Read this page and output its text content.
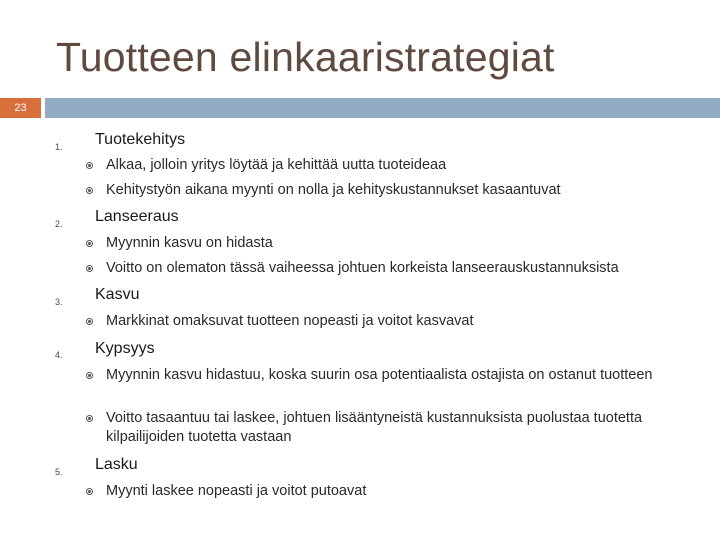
Tuotteen elinkaaristrategiat
23
1. Tuotekehitys
Alkaa, jolloin yritys löytää ja kehittää uutta tuoteideaa
Kehitystyön aikana myynti on nolla ja kehityskustannukset kasaantuvat
2. Lanseeraus
Myynnin kasvu on hidasta
Voitto on olematon tässä vaiheessa johtuen korkeista lanseerauskustannuksista
3. Kasvu
Markkinat omaksuvat tuotteen nopeasti ja voitot kasvavat
4. Kypsyys
Myynnin kasvu hidastuu, koska suurin osa potentiaalista ostajista on ostanut tuotteen
Voitto tasaantuu tai laskee, johtuen lisääntyneistä kustannuksista puolustaa tuotetta kilpailijoiden tuotetta vastaan
5. Lasku
Myynti laskee nopeasti ja voitot putoavat
